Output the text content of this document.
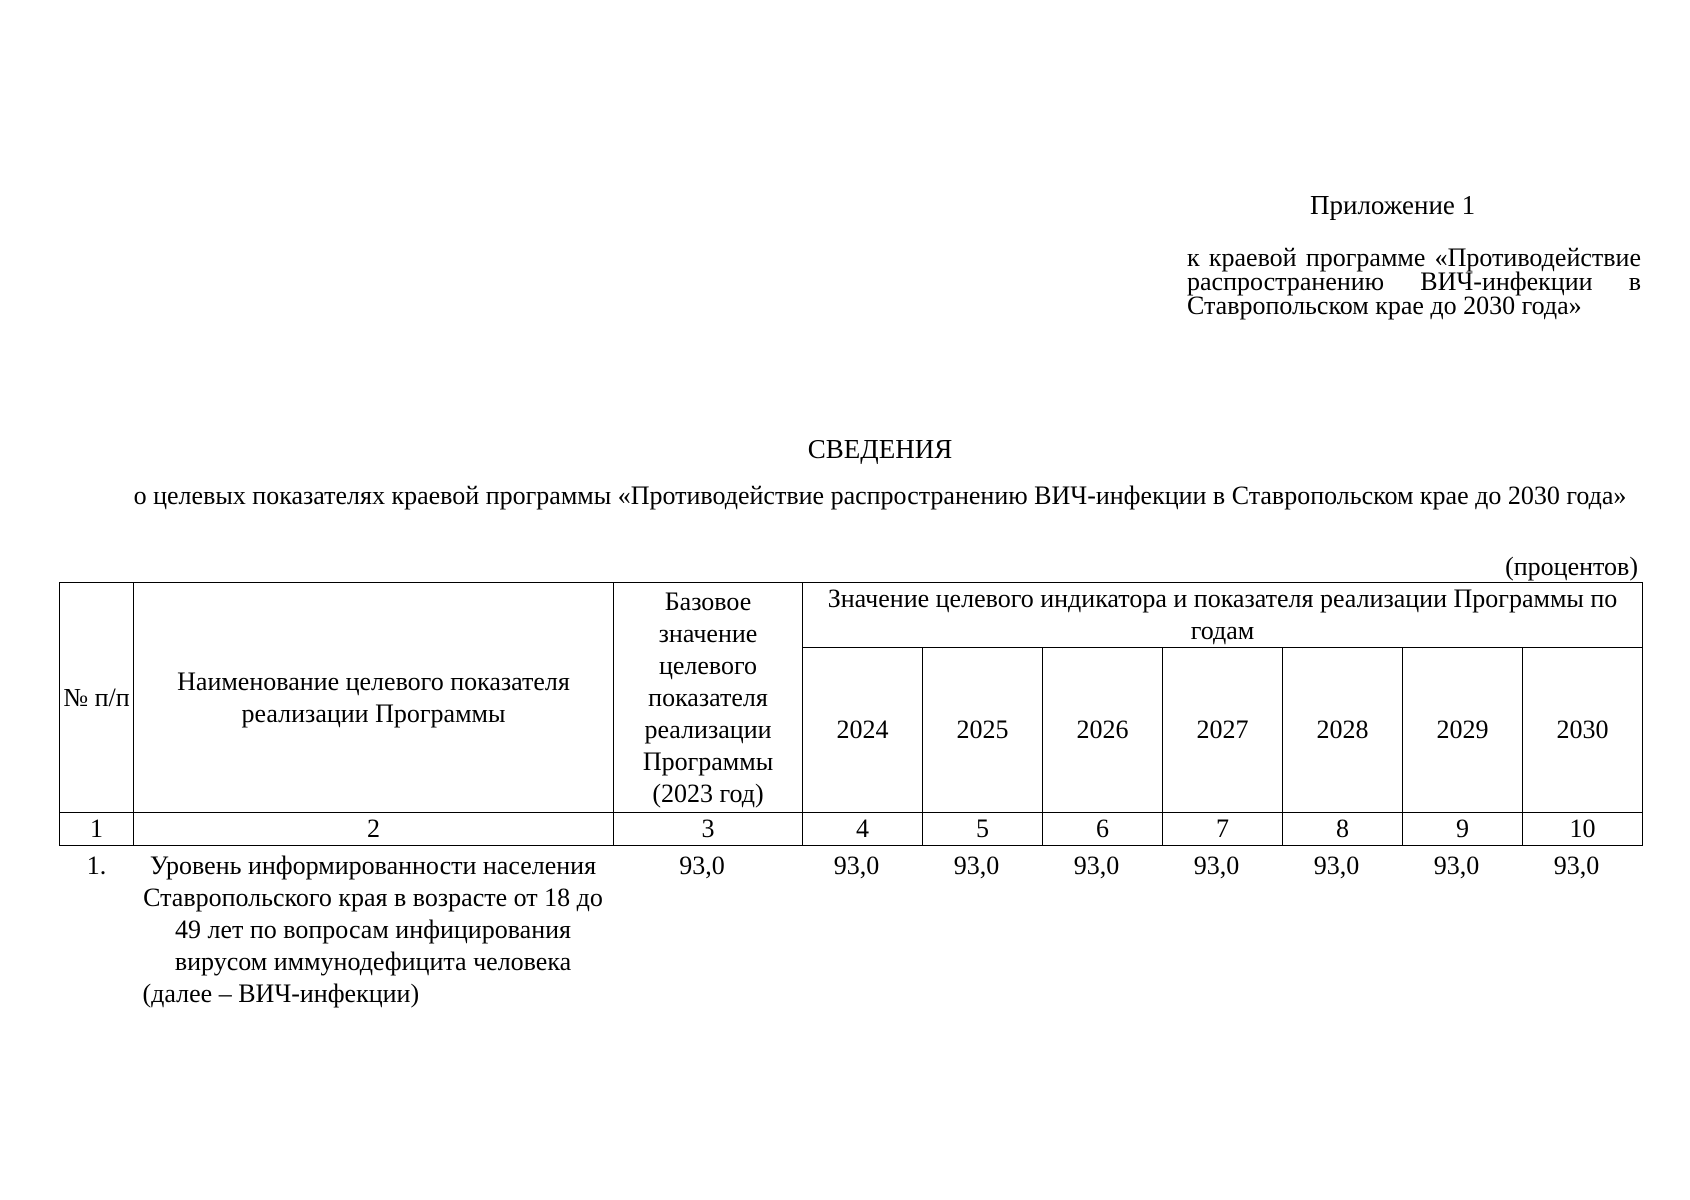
Приложение 1
к краевой программе «Противодействие распространению ВИЧ-инфекции в Ставропольском крае до 2030 года»
СВЕДЕНИЯ
о целевых показателях краевой программы «Противодействие распространению ВИЧ-инфекции в Ставропольском крае до 2030 года»
(процентов)
№ п/п	Наименование целевого показателя реализации Программы	Базовое значение целевого показателя реализации Программы (2023 год)	Значение целевого индикатора и показателя реализации Программы по годам						
			2024	2025	2026	2027	2028	2029	2030
1	2	3	4	5	6	7	8	9	10
1.	Уровень информированности населения Ставропольского края в возрасте от 18 до 49 лет по вопросам инфицирования вирусом иммунодефицита человека (далее – ВИЧ-инфекции)	93,0	93,0	93,0	93,0	93,0	93,0	93,0	93,0
